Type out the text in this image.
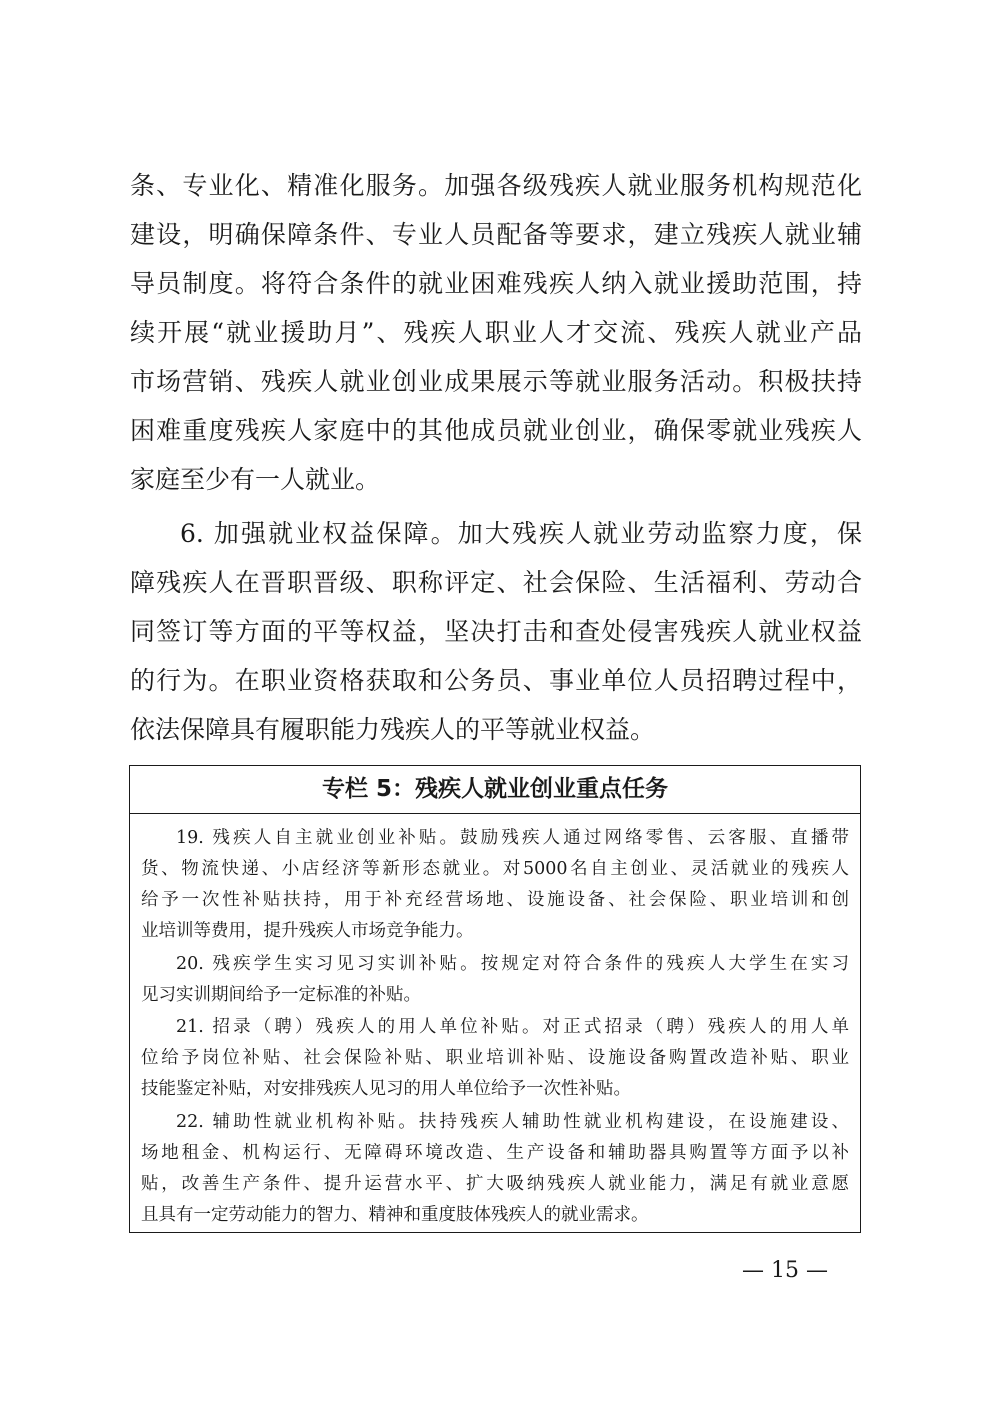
条、专业化、精准化服务。加强各级残疾人就业服务机构规范化
建设，明确保障条件、专业人员配备等要求，建立残疾人就业辅
导员制度。将符合条件的就业困难残疾人纳入就业援助范围，持
续开展“就业援助月”、残疾人职业人才交流、残疾人就业产品
市场营销、残疾人就业创业成果展示等就业服务活动。积极扶持
困难重度残疾人家庭中的其他成员就业创业，确保零就业残疾人
家庭至少有一人就业。
6. 加强就业权益保障。加大残疾人就业劳动监察力度，保
障残疾人在晋职晋级、职称评定、社会保险、生活福利、劳动合
同签订等方面的平等权益，坚决打击和查处侵害残疾人就业权益
的行为。在职业资格获取和公务员、事业单位人员招聘过程中，
依法保障具有履职能力残疾人的平等就业权益。
专栏 5：残疾人就业创业重点任务
19. 残疾人自主就业创业补贴。鼓励残疾人通过网络零售、云客服、直播带
货、物流快递、小店经济等新形态就业。对5000名自主创业、灵活就业的残疾人
给予一次性补贴扶持，用于补充经营场地、设施设备、社会保险、职业培训和创
业培训等费用，提升残疾人市场竞争能力。
20. 残疾学生实习见习实训补贴。按规定对符合条件的残疾人大学生在实习
见习实训期间给予一定标准的补贴。
21. 招录（聘）残疾人的用人单位补贴。对正式招录（聘）残疾人的用人单
位给予岗位补贴、社会保险补贴、职业培训补贴、设施设备购置改造补贴、职业
技能鉴定补贴，对安排残疾人见习的用人单位给予一次性补贴。
22. 辅助性就业机构补贴。扶持残疾人辅助性就业机构建设，在设施建设、
场地租金、机构运行、无障碍环境改造、生产设备和辅助器具购置等方面予以补
贴，改善生产条件、提升运营水平、扩大吸纳残疾人就业能力，满足有就业意愿
且具有一定劳动能力的智力、精神和重度肢体残疾人的就业需求。
— 15 —
